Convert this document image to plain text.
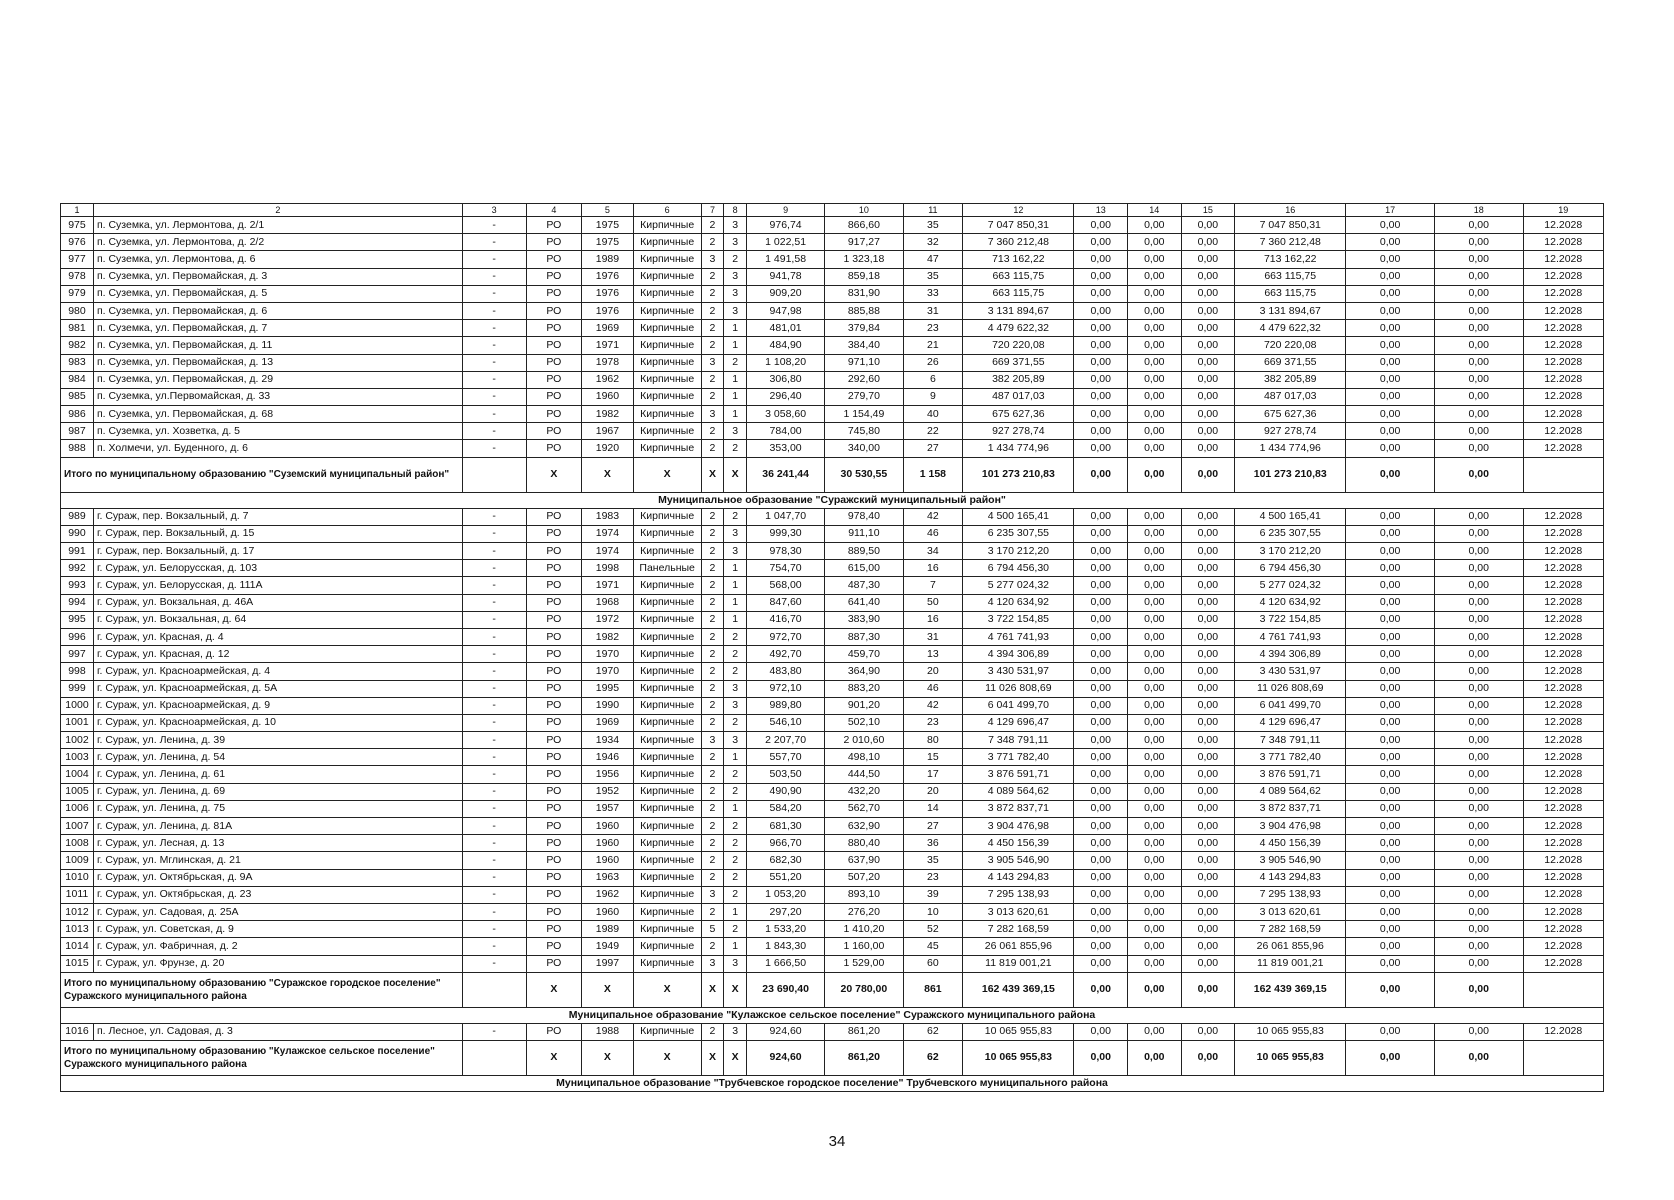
1	2	3	4	5	6	7	8	9	10	11	12	13	14	15	16	17	18	19
975	п. Суземка, ул. Лермонтова, д. 2/1	-	РО	1975	Кирпичные	2	3	976,74	866,60	35	7 047 850,31	0,00	0,00	0,00	7 047 850,31	0,00	0,00	12.2028
976	п. Суземка, ул. Лермонтова, д. 2/2	-	РО	1975	Кирпичные	2	3	1 022,51	917,27	32	7 360 212,48	0,00	0,00	0,00	7 360 212,48	0,00	0,00	12.2028
977	п. Суземка, ул. Лермонтова, д. 6	-	РО	1989	Кирпичные	3	2	1 491,58	1 323,18	47	713 162,22	0,00	0,00	0,00	713 162,22	0,00	0,00	12.2028
978	п. Суземка, ул. Первомайская, д. 3	-	РО	1976	Кирпичные	2	3	941,78	859,18	35	663 115,75	0,00	0,00	0,00	663 115,75	0,00	0,00	12.2028
979	п. Суземка, ул. Первомайская, д. 5	-	РО	1976	Кирпичные	2	3	909,20	831,90	33	663 115,75	0,00	0,00	0,00	663 115,75	0,00	0,00	12.2028
980	п. Суземка, ул. Первомайская, д. 6	-	РО	1976	Кирпичные	2	3	947,98	885,88	31	3 131 894,67	0,00	0,00	0,00	3 131 894,67	0,00	0,00	12.2028
981	п. Суземка, ул. Первомайская, д. 7	-	РО	1969	Кирпичные	2	1	481,01	379,84	23	4 479 622,32	0,00	0,00	0,00	4 479 622,32	0,00	0,00	12.2028
982	п. Суземка, ул. Первомайская, д. 11	-	РО	1971	Кирпичные	2	1	484,90	384,40	21	720 220,08	0,00	0,00	0,00	720 220,08	0,00	0,00	12.2028
983	п. Суземка, ул. Первомайская, д. 13	-	РО	1978	Кирпичные	3	2	1 108,20	971,10	26	669 371,55	0,00	0,00	0,00	669 371,55	0,00	0,00	12.2028
984	п. Суземка, ул. Первомайская, д. 29	-	РО	1962	Кирпичные	2	1	306,80	292,60	6	382 205,89	0,00	0,00	0,00	382 205,89	0,00	0,00	12.2028
985	п. Суземка, ул.Первомайская, д. 33	-	РО	1960	Кирпичные	2	1	296,40	279,70	9	487 017,03	0,00	0,00	0,00	487 017,03	0,00	0,00	12.2028
986	п. Суземка, ул. Первомайская, д. 68	-	РО	1982	Кирпичные	3	1	3 058,60	1 154,49	40	675 627,36	0,00	0,00	0,00	675 627,36	0,00	0,00	12.2028
987	п. Суземка, ул. Хозветка, д. 5	-	РО	1967	Кирпичные	2	3	784,00	745,80	22	927 278,74	0,00	0,00	0,00	927 278,74	0,00	0,00	12.2028
988	п. Холмечи, ул. Буденного, д. 6	-	РО	1920	Кирпичные	2	2	353,00	340,00	27	1 434 774,96	0,00	0,00	0,00	1 434 774,96	0,00	0,00	12.2028
Итого по муниципальному образованию "Суземский муниципальный район"			X	X	X	X	X	36 241,44	30 530,55	1 158	101 273 210,83	0,00	0,00	0,00	101 273 210,83	0,00	0,00	
Муниципальное образование "Суражский муниципальный район"																		
989	г. Сураж, пер. Вокзальный, д. 7	-	РО	1983	Кирпичные	2	2	1 047,70	978,40	42	4 500 165,41	0,00	0,00	0,00	4 500 165,41	0,00	0,00	12.2028
990	г. Сураж, пер. Вокзальный, д. 15	-	РО	1974	Кирпичные	2	3	999,30	911,10	46	6 235 307,55	0,00	0,00	0,00	6 235 307,55	0,00	0,00	12.2028
991	г. Сураж, пер. Вокзальный, д. 17	-	РО	1974	Кирпичные	2	3	978,30	889,50	34	3 170 212,20	0,00	0,00	0,00	3 170 212,20	0,00	0,00	12.2028
992	г. Сураж, ул. Белорусская, д. 103	-	РО	1998	Панельные	2	1	754,70	615,00	16	6 794 456,30	0,00	0,00	0,00	6 794 456,30	0,00	0,00	12.2028
993	г. Сураж, ул. Белорусская, д. 111А	-	РО	1971	Кирпичные	2	1	568,00	487,30	7	5 277 024,32	0,00	0,00	0,00	5 277 024,32	0,00	0,00	12.2028
994	г. Сураж, ул. Вокзальная, д. 46А	-	РО	1968	Кирпичные	2	1	847,60	641,40	50	4 120 634,92	0,00	0,00	0,00	4 120 634,92	0,00	0,00	12.2028
995	г. Сураж, ул. Вокзальная, д. 64	-	РО	1972	Кирпичные	2	1	416,70	383,90	16	3 722 154,85	0,00	0,00	0,00	3 722 154,85	0,00	0,00	12.2028
996	г. Сураж, ул. Красная, д. 4	-	РО	1982	Кирпичные	2	2	972,70	887,30	31	4 761 741,93	0,00	0,00	0,00	4 761 741,93	0,00	0,00	12.2028
997	г. Сураж, ул. Красная, д. 12	-	РО	1970	Кирпичные	2	2	492,70	459,70	13	4 394 306,89	0,00	0,00	0,00	4 394 306,89	0,00	0,00	12.2028
998	г. Сураж, ул. Красноармейская, д. 4	-	РО	1970	Кирпичные	2	2	483,80	364,90	20	3 430 531,97	0,00	0,00	0,00	3 430 531,97	0,00	0,00	12.2028
999	г. Сураж, ул. Красноармейская, д. 5А	-	РО	1995	Кирпичные	2	3	972,10	883,20	46	11 026 808,69	0,00	0,00	0,00	11 026 808,69	0,00	0,00	12.2028
1000	г. Сураж, ул. Красноармейская, д. 9	-	РО	1990	Кирпичные	2	3	989,80	901,20	42	6 041 499,70	0,00	0,00	0,00	6 041 499,70	0,00	0,00	12.2028
1001	г. Сураж, ул. Красноармейская, д. 10	-	РО	1969	Кирпичные	2	2	546,10	502,10	23	4 129 696,47	0,00	0,00	0,00	4 129 696,47	0,00	0,00	12.2028
1002	г. Сураж, ул. Ленина, д. 39	-	РО	1934	Кирпичные	3	3	2 207,70	2 010,60	80	7 348 791,11	0,00	0,00	0,00	7 348 791,11	0,00	0,00	12.2028
1003	г. Сураж, ул. Ленина, д. 54	-	РО	1946	Кирпичные	2	1	557,70	498,10	15	3 771 782,40	0,00	0,00	0,00	3 771 782,40	0,00	0,00	12.2028
1004	г. Сураж, ул. Ленина, д. 61	-	РО	1956	Кирпичные	2	2	503,50	444,50	17	3 876 591,71	0,00	0,00	0,00	3 876 591,71	0,00	0,00	12.2028
1005	г. Сураж, ул. Ленина, д. 69	-	РО	1952	Кирпичные	2	2	490,90	432,20	20	4 089 564,62	0,00	0,00	0,00	4 089 564,62	0,00	0,00	12.2028
1006	г. Сураж, ул. Ленина, д. 75	-	РО	1957	Кирпичные	2	1	584,20	562,70	14	3 872 837,71	0,00	0,00	0,00	3 872 837,71	0,00	0,00	12.2028
1007	г. Сураж, ул. Ленина, д. 81А	-	РО	1960	Кирпичные	2	2	681,30	632,90	27	3 904 476,98	0,00	0,00	0,00	3 904 476,98	0,00	0,00	12.2028
1008	г. Сураж, ул. Лесная, д. 13	-	РО	1960	Кирпичные	2	2	966,70	880,40	36	4 450 156,39	0,00	0,00	0,00	4 450 156,39	0,00	0,00	12.2028
1009	г. Сураж, ул. Мглинская, д. 21	-	РО	1960	Кирпичные	2	2	682,30	637,90	35	3 905 546,90	0,00	0,00	0,00	3 905 546,90	0,00	0,00	12.2028
1010	г. Сураж, ул. Октябрьская, д. 9А	-	РО	1963	Кирпичные	2	2	551,20	507,20	23	4 143 294,83	0,00	0,00	0,00	4 143 294,83	0,00	0,00	12.2028
1011	г. Сураж, ул. Октябрьская, д. 23	-	РО	1962	Кирпичные	3	2	1 053,20	893,10	39	7 295 138,93	0,00	0,00	0,00	7 295 138,93	0,00	0,00	12.2028
1012	г. Сураж, ул. Садовая, д. 25А	-	РО	1960	Кирпичные	2	1	297,20	276,20	10	3 013 620,61	0,00	0,00	0,00	3 013 620,61	0,00	0,00	12.2028
1013	г. Сураж, ул. Советская, д. 9	-	РО	1989	Кирпичные	5	2	1 533,20	1 410,20	52	7 282 168,59	0,00	0,00	0,00	7 282 168,59	0,00	0,00	12.2028
1014	г. Сураж, ул. Фабричная, д. 2	-	РО	1949	Кирпичные	2	1	1 843,30	1 160,00	45	26 061 855,96	0,00	0,00	0,00	26 061 855,96	0,00	0,00	12.2028
1015	г. Сураж, ул. Фрунзе, д. 20	-	РО	1997	Кирпичные	3	3	1 666,50	1 529,00	60	11 819 001,21	0,00	0,00	0,00	11 819 001,21	0,00	0,00	12.2028
Итого по муниципальному образованию "Суражское городское поселение" Суражского муниципального района			X	X	X	X	X	23 690,40	20 780,00	861	162 439 369,15	0,00	0,00	0,00	162 439 369,15	0,00	0,00	
Муниципальное образование "Кулажское сельское поселение" Суражского муниципального района																		
1016	п. Лесное, ул. Садовая, д. 3	-	РО	1988	Кирпичные	2	3	924,60	861,20	62	10 065 955,83	0,00	0,00	0,00	10 065 955,83	0,00	0,00	12.2028
Итого по муниципальному образованию "Кулажское сельское поселение" Суражского муниципального района			X	X	X	X	X	924,60	861,20	62	10 065 955,83	0,00	0,00	0,00	10 065 955,83	0,00	0,00	
Муниципальное образование "Трубчевское городское поселение" Трубчевского муниципального района																		
34
